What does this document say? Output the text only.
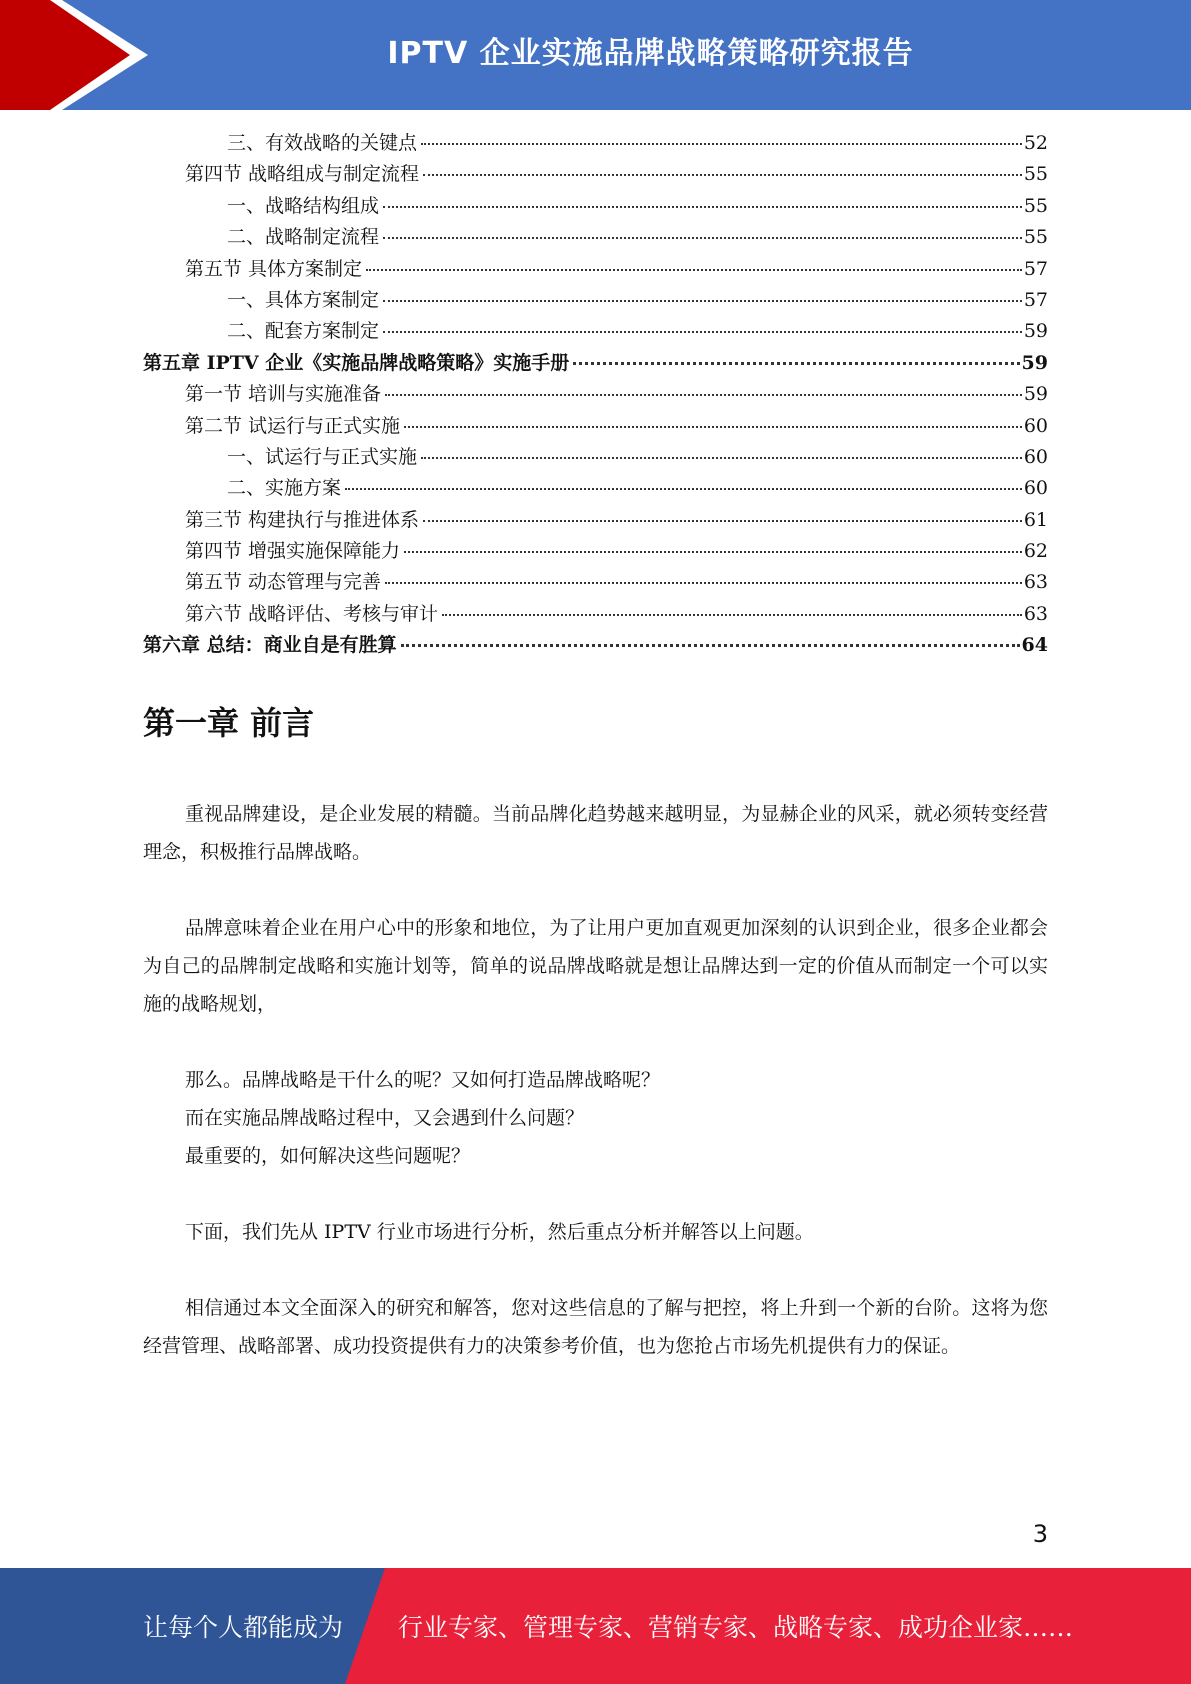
IPTV 企业实施品牌战略策略研究报告
三、有效战略的关键点	52
第四节 战略组成与制定流程	55
一、战略结构组成	55
二、战略制定流程	55
第五节 具体方案制定	57
一、具体方案制定	57
二、配套方案制定	59
第五章 IPTV 企业《实施品牌战略策略》实施手册	59
第一节 培训与实施准备	59
第二节 试运行与正式实施	60
一、试运行与正式实施	60
二、实施方案	60
第三节 构建执行与推进体系	61
第四节 增强实施保障能力	62
第五节 动态管理与完善	63
第六节 战略评估、考核与审计	63
第六章 总结：商业自是有胜算	64
第一章 前言
重视品牌建设，是企业发展的精髓。当前品牌化趋势越来越明显，为显赫企业的风采，就必须转变经营理念，积极推行品牌战略。
品牌意味着企业在用户心中的形象和地位，为了让用户更加直观更加深刻的认识到企业，很多企业都会为自己的品牌制定战略和实施计划等，简单的说品牌战略就是想让品牌达到一定的价值从而制定一个可以实施的战略规划，
那么。品牌战略是干什么的呢？又如何打造品牌战略呢？
而在实施品牌战略过程中，又会遇到什么问题？
最重要的，如何解决这些问题呢？
下面，我们先从 IPTV 行业市场进行分析，然后重点分析并解答以上问题。
相信通过本文全面深入的研究和解答，您对这些信息的了解与把控，将上升到一个新的台阶。这将为您经营管理、战略部署、成功投资提供有力的决策参考价值，也为您抢占市场先机提供有力的保证。
3
让每个人都能成为 行业专家、管理专家、营销专家、战略专家、成功企业家……
